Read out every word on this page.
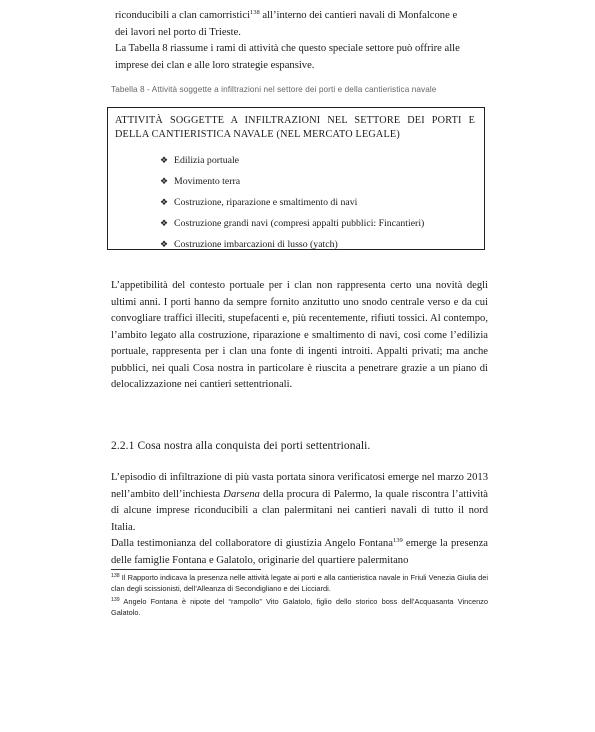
riconducibili a clan camorristici$^{138}$ all’interno dei cantieri navali di Monfalcone e
dei lavori nel porto di Trieste.
La Tabella 8 riassume i rami di attività che questo speciale settore può offrire alle
imprese dei clan e alle loro strategie espansive.
Tabella 8 - Attività soggette a infiltrazioni nel settore dei porti e della cantieristica navale
ATTIVITÀ SOGGETTE A INFILTRAZIONI NEL SETTORE DEI PORTI E DELLA CANTIERISTICA NAVALE (NEL MERCATO LEGALE)
❖ Edilizia portuale
❖ Movimento terra
❖ Costruzione, riparazione e smaltimento di navi
❖ Costruzione grandi navi (compresi appalti pubblici: Fincantieri)
❖ Costruzione imbarcazioni di lusso (yatch)
L’appetibilità del contesto portuale per i clan non rappresenta certo una novità degli ultimi anni. I porti hanno da sempre fornito anzitutto uno snodo centrale verso e da cui convogliare traffici illeciti, stupefacenti e, più recentemente, rifiuti tossici. Al contempo, l’ambito legato alla costruzione, riparazione e smaltimento di navi, così come l’edilizia portuale, rappresenta per i clan una fonte di ingenti introiti. Appalti privati; ma anche pubblici, nei quali Cosa nostra in particolare è riuscita a penetrare grazie a un piano di delocalizzazione nei cantieri settentrionali.
2.2.1 Cosa nostra alla conquista dei porti settentrionali.
L’episodio di infiltrazione di più vasta portata sinora verificatosi emerge nel marzo 2013 nell’ambito dell’inchiesta Darsena della procura di Palermo, la quale riscontra l’attività di alcune imprese riconducibili a clan palermitani nei cantieri navali di tutto il nord Italia.
Dalla testimonianza del collaboratore di giustizia Angelo Fontana$^{139}$ emerge la presenza delle famiglie Fontana e Galatolo, originarie del quartiere palermitano
$^{138}$ Il Rapporto indicava la presenza nelle attività legate ai porti e alla cantieristica navale in Friuli Venezia Giulia dei clan degli scissionisti, dell’Alleanza di Secondigliano e dei Licciardi.
$^{139}$ Angelo Fontana è nipote del “rampollo” Vito Galatolo, figlio dello storico boss dell’Acquasanta Vincenzo Galatolo.
